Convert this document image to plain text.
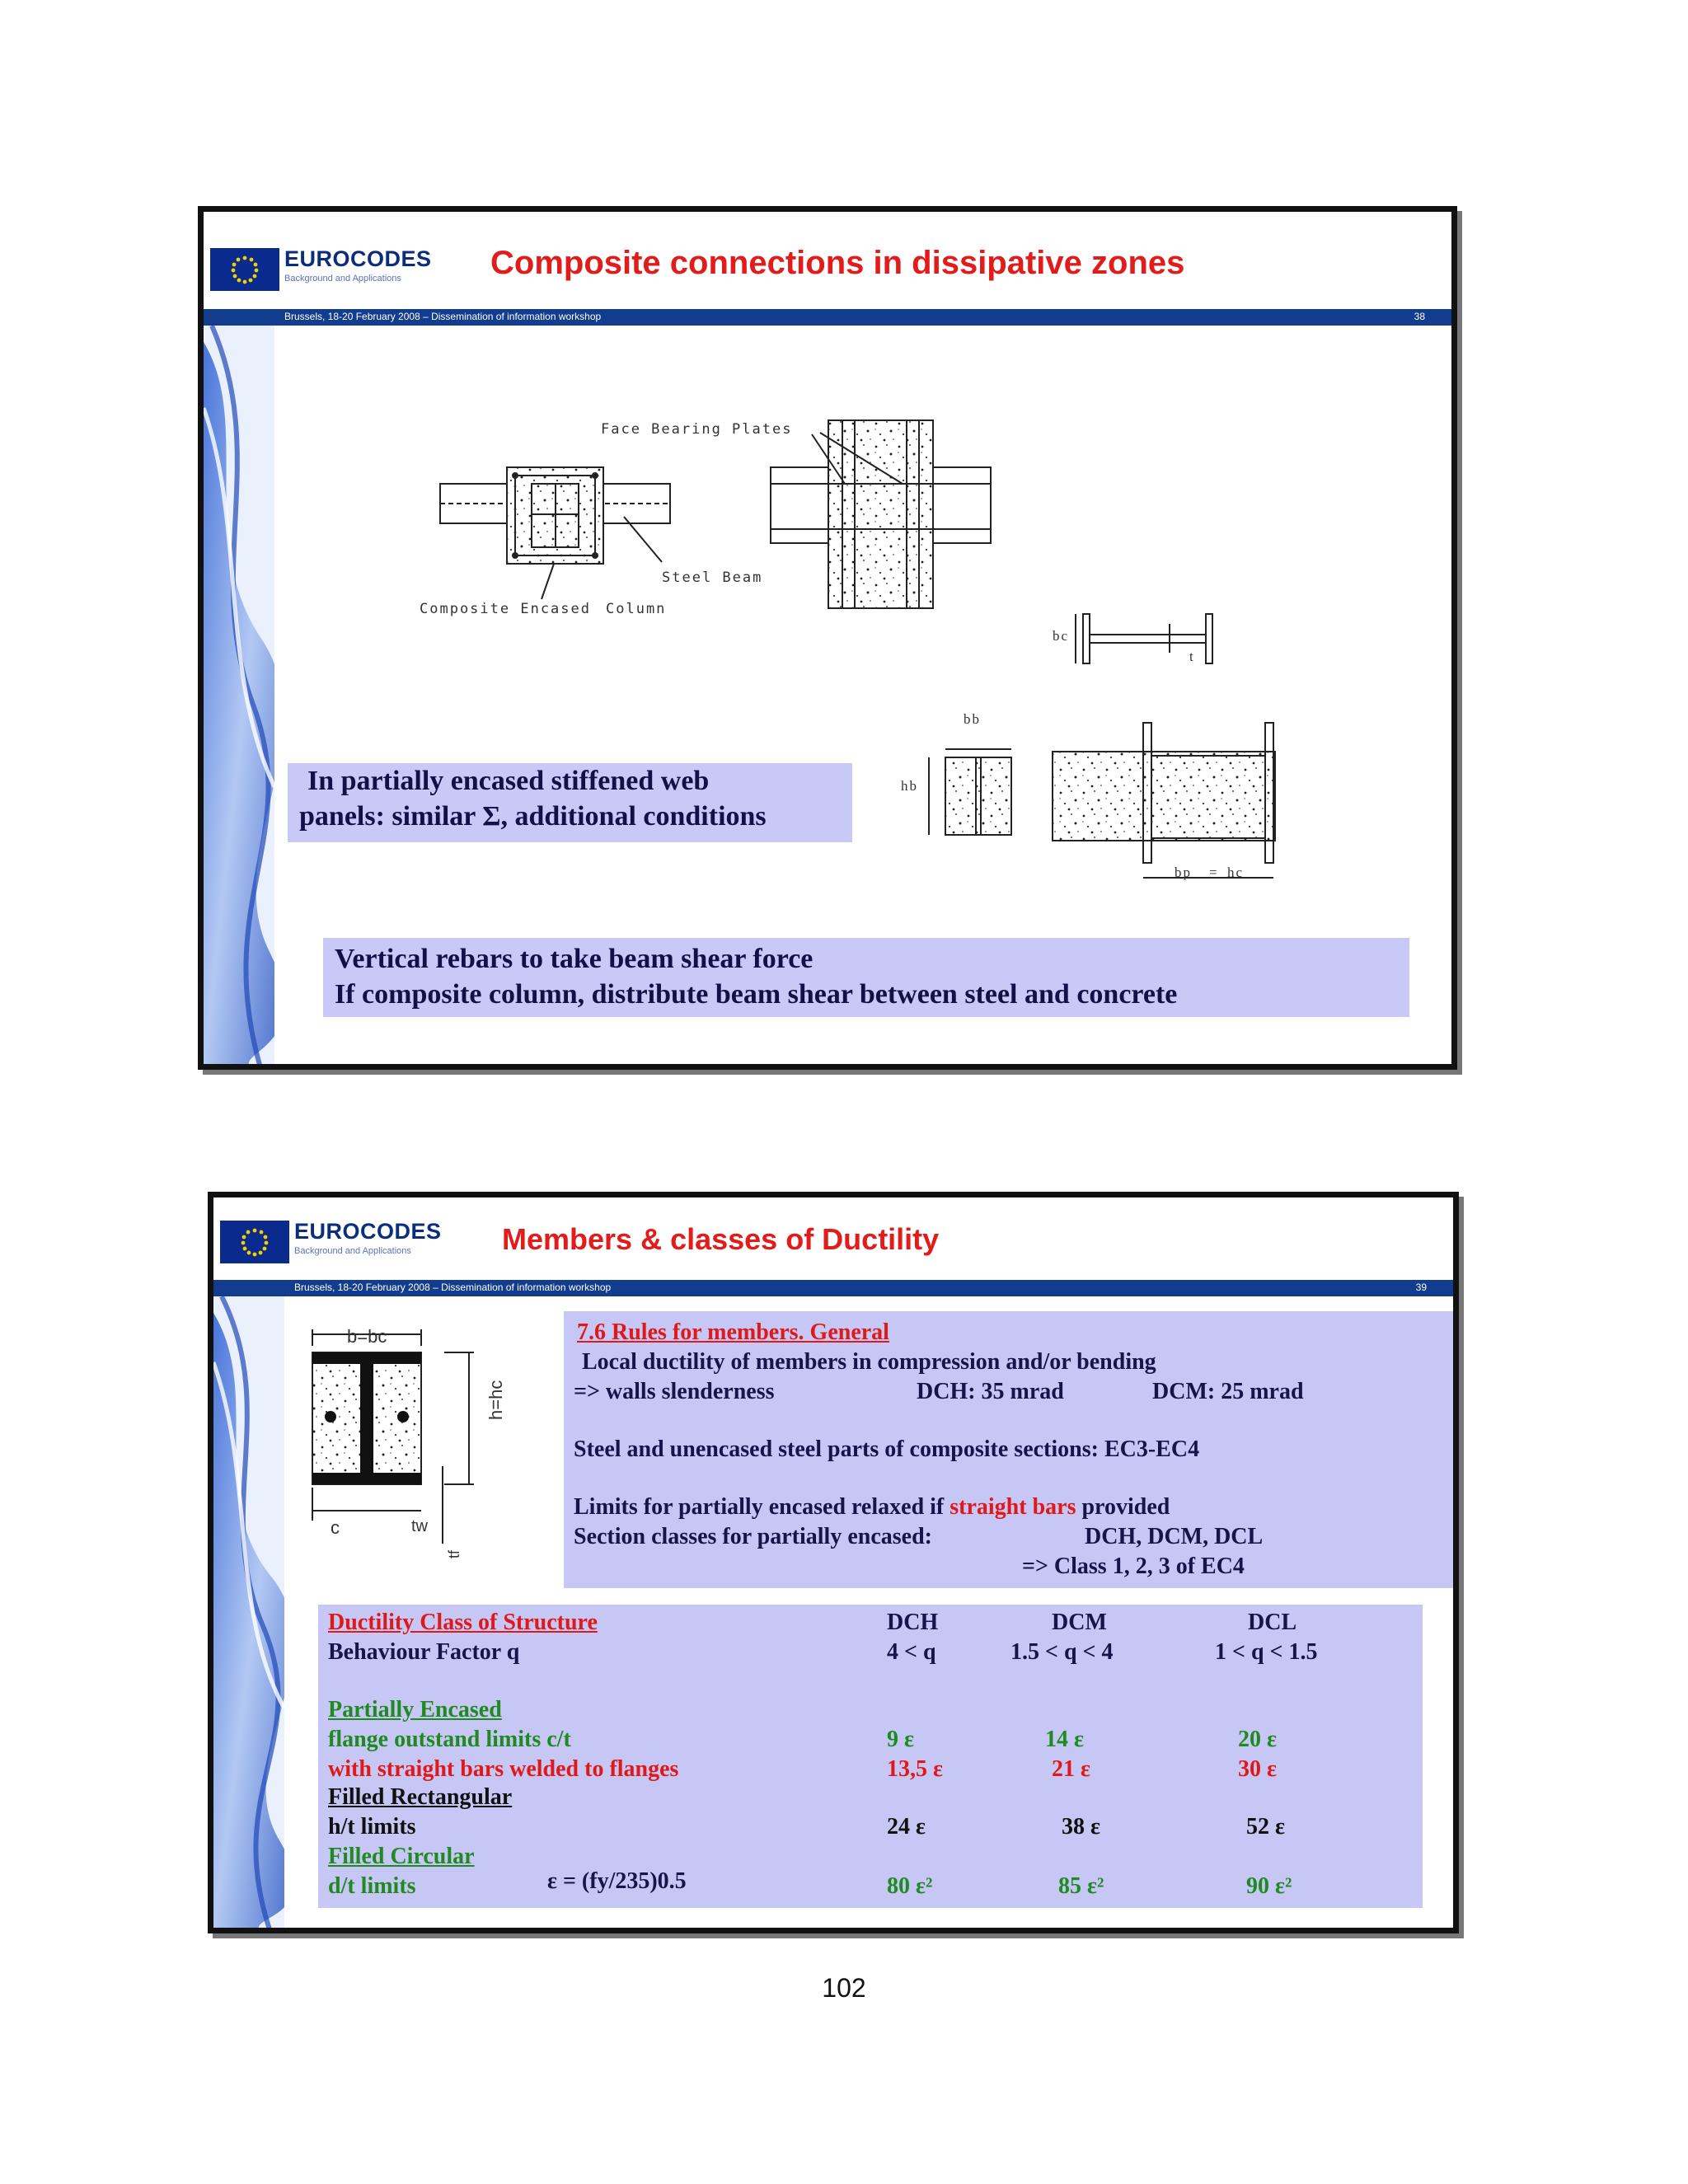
EUROCODES
Background and Applications	Composite connections in dissipative zones
Brussels, 18-20 February 2008 – Dissemination of information workshop	38
Face Bearing Plates
Steel Beam
Composite Encased Column
bc
t
bb
hb
bp = hc
In partially encased stiffened web
panels: similar Σ, additional conditions
Vertical rebars to take beam shear force
If composite column, distribute beam shear between steel and concrete
EUROCODES
Background and Applications	Members & classes of Ductility
Brussels, 18-20 February 2008 – Dissemination of information workshop	39
b=bc
h=hc
c	tw
tf
7.6 Rules for members. General
Local ductility of members in compression and/or bending
=> walls slenderness	DCH: 35 mrad	DCM: 25 mrad
Steel and unencased steel parts of composite sections: EC3-EC4
Limits for partially encased relaxed if straight bars provided
Section classes for partially encased:	DCH, DCM, DCL
=> Class 1, 2, 3 of EC4
Ductility Class of Structure
Behaviour Factor q
DCH	DCM	DCL
4 < q	1.5 < q < 4	1 < q < 1.5
Partially Encased
flange outstand limits c/t	9 ε	14 ε	20 ε
with straight bars welded to flanges	13,5 ε	21 ε	30 ε
Filled Rectangular
h/t limits	24 ε	38 ε	52 ε
Filled Circular
d/t limits	ε = (fy/235)0.5	80 ε²	85 ε²	90 ε²
102
